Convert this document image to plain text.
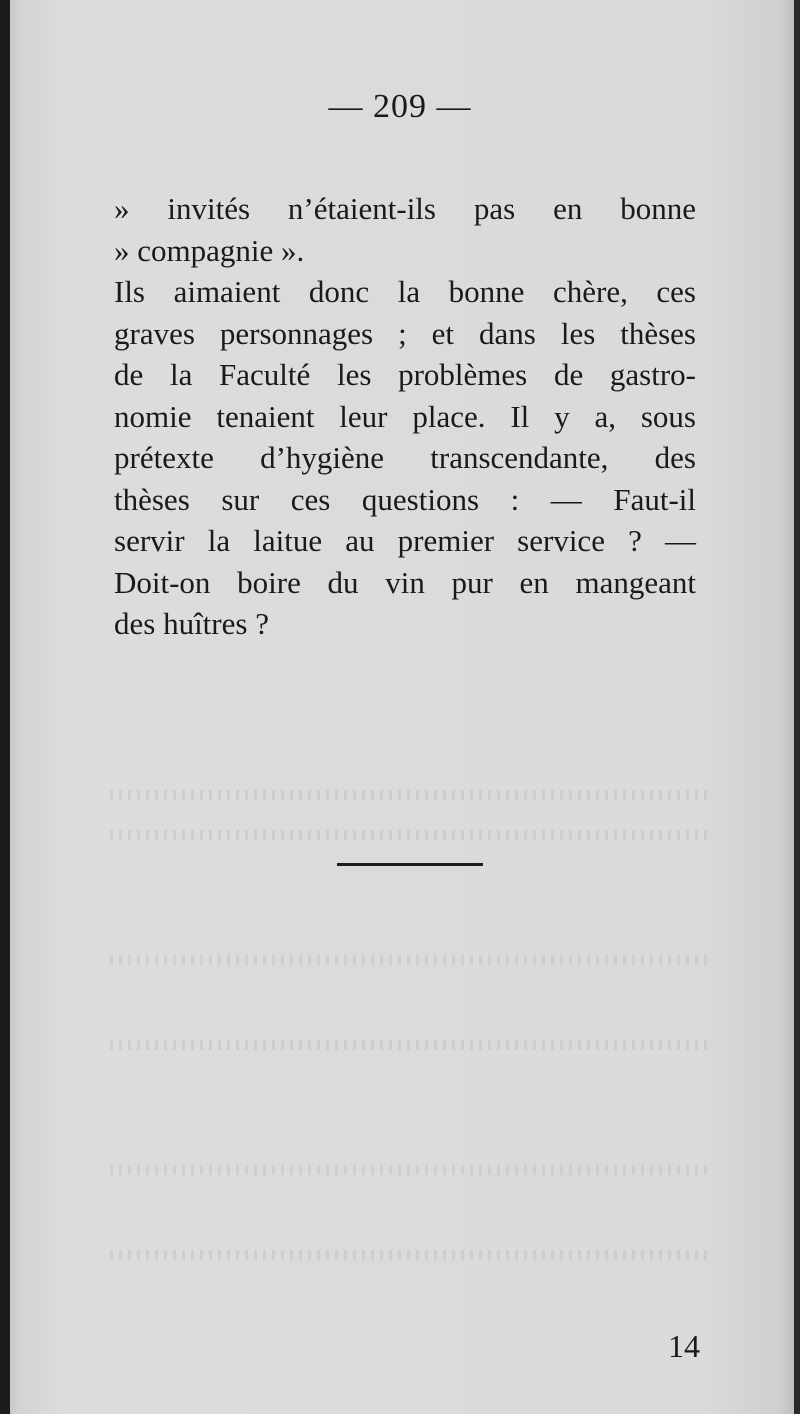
— 209 —
» invités n’étaient-ils pas en bonne
» compagnie ».
Ils aimaient donc la bonne chère, ces
graves personnages ; et dans les thèses
de la Faculté les problèmes de gastro-
nomie tenaient leur place. Il y a, sous
prétexte d’hygiène transcendante, des
thèses sur ces questions : — Faut-il
servir la laitue au premier service ? —
Doit-on boire du vin pur en mangeant
des huîtres ?
14
